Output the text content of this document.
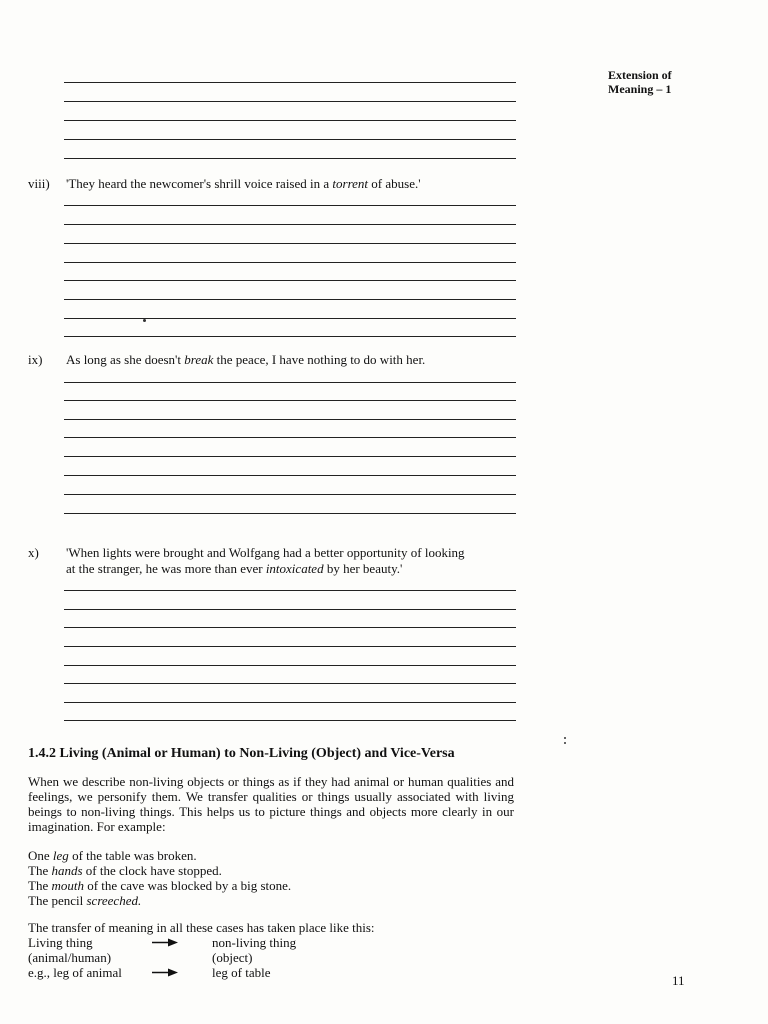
Extension of
Meaning – 1
viii) 'They heard the newcomer's shrill voice raised in a torrent of abuse.'
ix) As long as she doesn't break the peace, I have nothing to do with her.
x) 'When lights were brought and Wolfgang had a better opportunity of looking
at the stranger, he was more than ever intoxicated by her beauty.'
1.4.2 Living (Animal or Human) to Non-Living (Object) and Vice-Versa
When we describe non-living objects or things as if they had animal or human qualities and feelings, we personify them. We transfer qualities or things usually associated with living beings to non-living things. This helps us to picture things and objects more clearly in our imagination. For example:
One leg of the table was broken.
The hands of the clock have stopped.
The mouth of the cave was blocked by a big stone.
The pencil screeched.
The transfer of meaning in all these cases has taken place like this:
Living thing	non-living thing
(animal/human)	(object)
e.g., leg of animal	leg of table
11
